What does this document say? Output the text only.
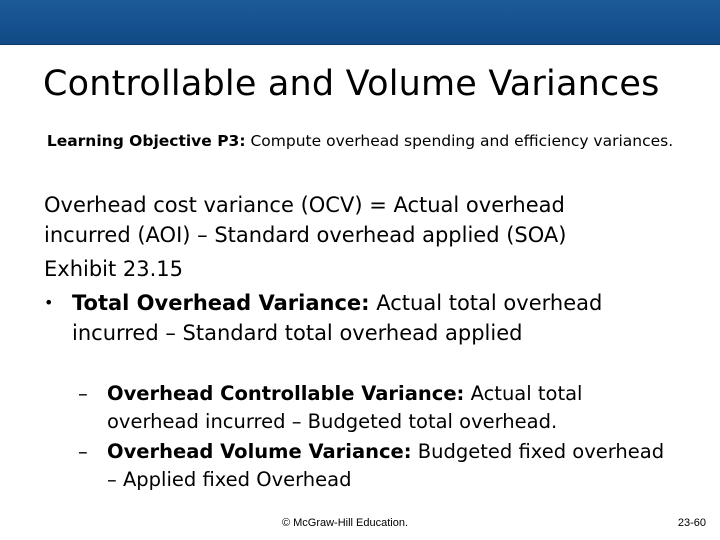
Controllable and Volume Variances
Learning Objective P3: Compute overhead spending and efficiency variances.
Overhead cost variance (OCV) = Actual overhead
incurred (AOI) – Standard overhead applied (SOA)
Exhibit 23.15
• Total Overhead Variance: Actual total overhead incurred – Standard total overhead applied
– Overhead Controllable Variance: Actual total overhead incurred – Budgeted total overhead.
– Overhead Volume Variance: Budgeted fixed overhead – Applied fixed Overhead
© McGraw-Hill Education.	23-60
